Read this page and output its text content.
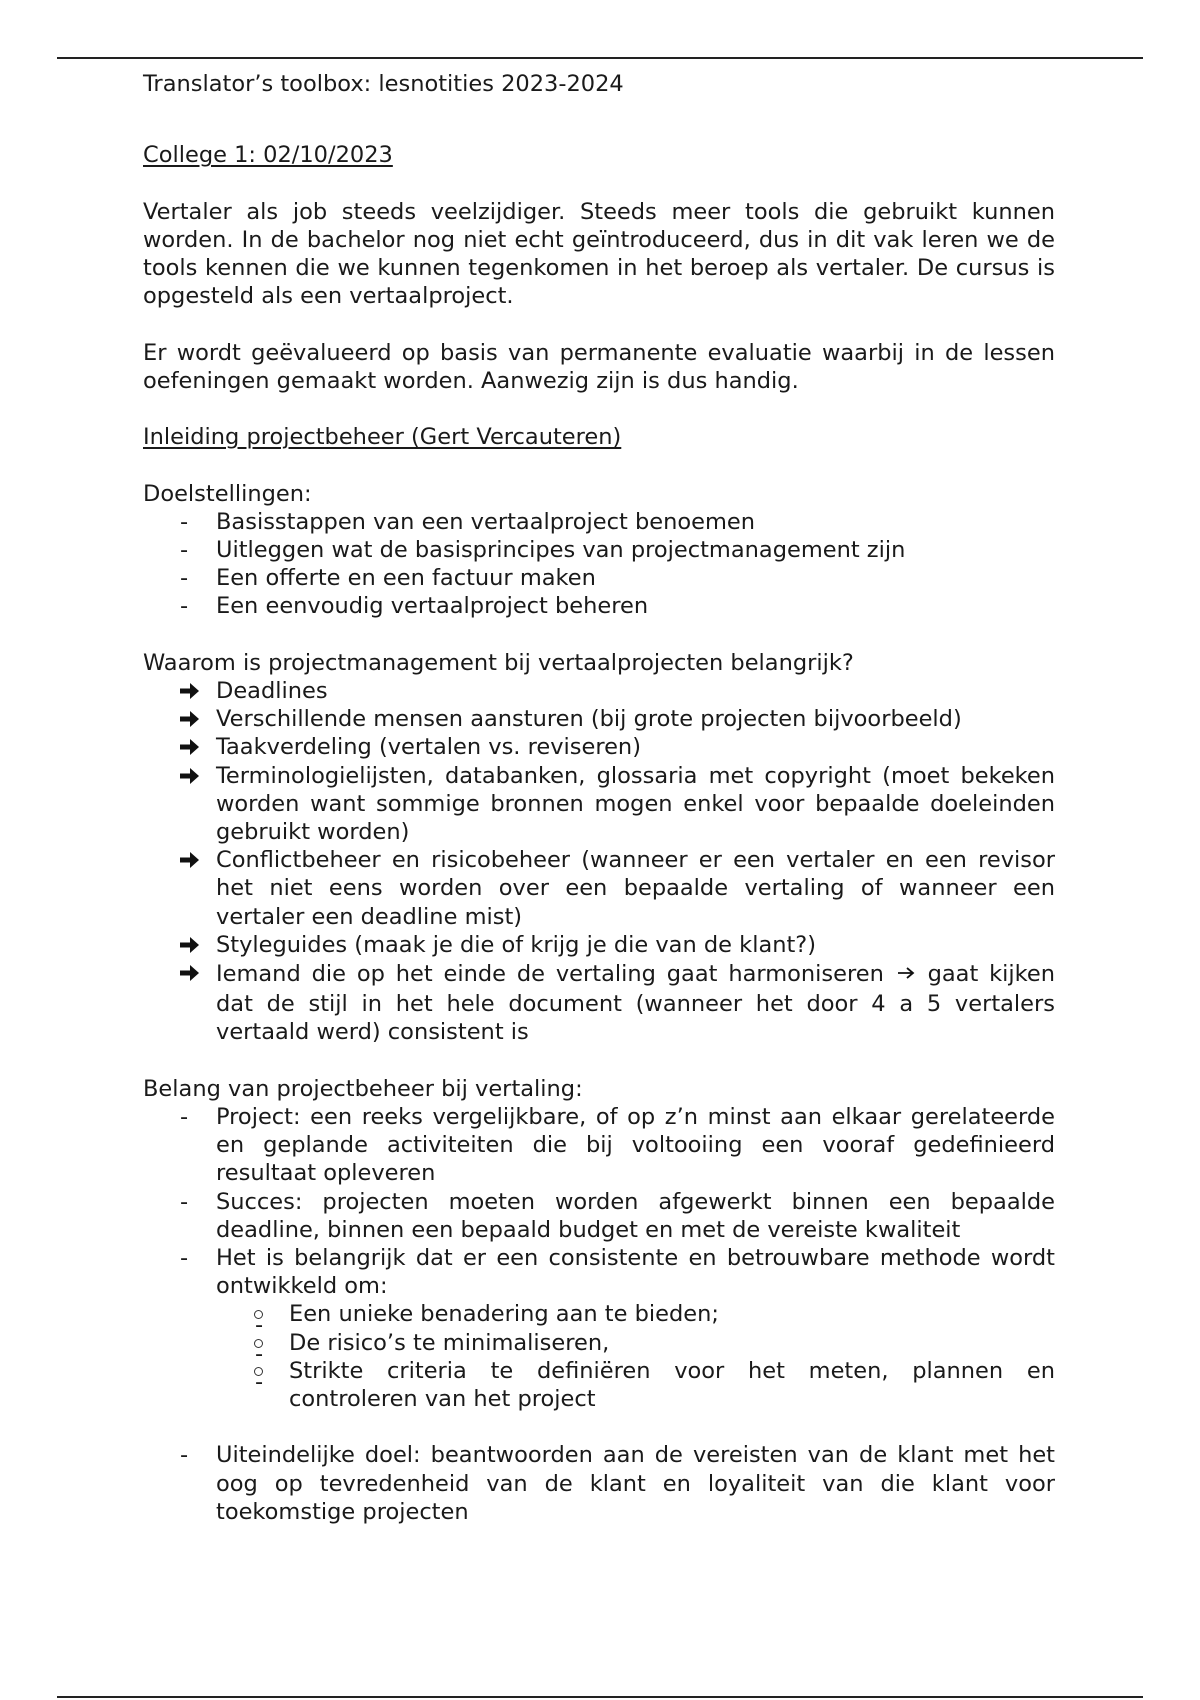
Translator’s toolbox: lesnotities 2023-2024

College 1: 02/10/2023

Vertaler als job steeds veelzijdiger. Steeds meer tools die gebruikt kunnen worden. In de bachelor nog niet echt geïntroduceerd, dus in dit vak leren we de tools kennen die we kunnen tegenkomen in het beroep als vertaler. De cursus is opgesteld als een vertaalproject.

Er wordt geëvalueerd op basis van permanente evaluatie waarbij in de lessen oefeningen gemaakt worden. Aanwezig zijn is dus handig.

Inleiding projectbeheer (Gert Vercauteren)

Doelstellingen:

-
Basisstappen van een vertaalproject benoemen
-
Uitleggen wat de basisprincipes van projectmanagement zijn
-
Een offerte en een factuur maken
-
Een eenvoudig vertaalproject beheren

Waarom is projectmanagement bij vertaalprojecten belangrijk?

Deadlines
Verschillende mensen aansturen (bij grote projecten bijvoorbeeld)
Taakverdeling (vertalen vs. reviseren)
Terminologielijsten, databanken, glossaria met copyright (moet bekeken worden want sommige bronnen mogen enkel voor bepaalde doeleinden gebruikt worden)
Conflictbeheer en risicobeheer (wanneer er een vertaler en een revisor het niet eens worden over een bepaalde vertaling of wanneer een vertaler een deadline mist)
Styleguides (maak je die of krijg je die van de klant?)
Iemand die op het einde de vertaling gaat harmoniseren gaat kijken dat de stijl in het hele document (wanneer het door 4 a 5 vertalers vertaald werd) consistent is

Belang van projectbeheer bij vertaling:

-
Project: een reeks vergelijkbare, of op z’n minst aan elkaar gerelateerde en geplande activiteiten die bij voltooiing een vooraf gedefinieerd resultaat opleveren
-
Succes: projecten moeten worden afgewerkt binnen een bepaalde deadline, binnen een bepaald budget en met de vereiste kwaliteit
-
Het is belangrijk dat er een consistente en betrouwbare methode wordt ontwikkeld om:
-
Een unieke benadering aan te bieden;
-
De risico’s te minimaliseren,
-
Strikte criteria te definiëren voor het meten, plannen en controleren van het project
-
Uiteindelijke doel: beantwoorden aan de vereisten van de klant met het oog op tevredenheid van de klant en loyaliteit van die klant voor toekomstige projecten
